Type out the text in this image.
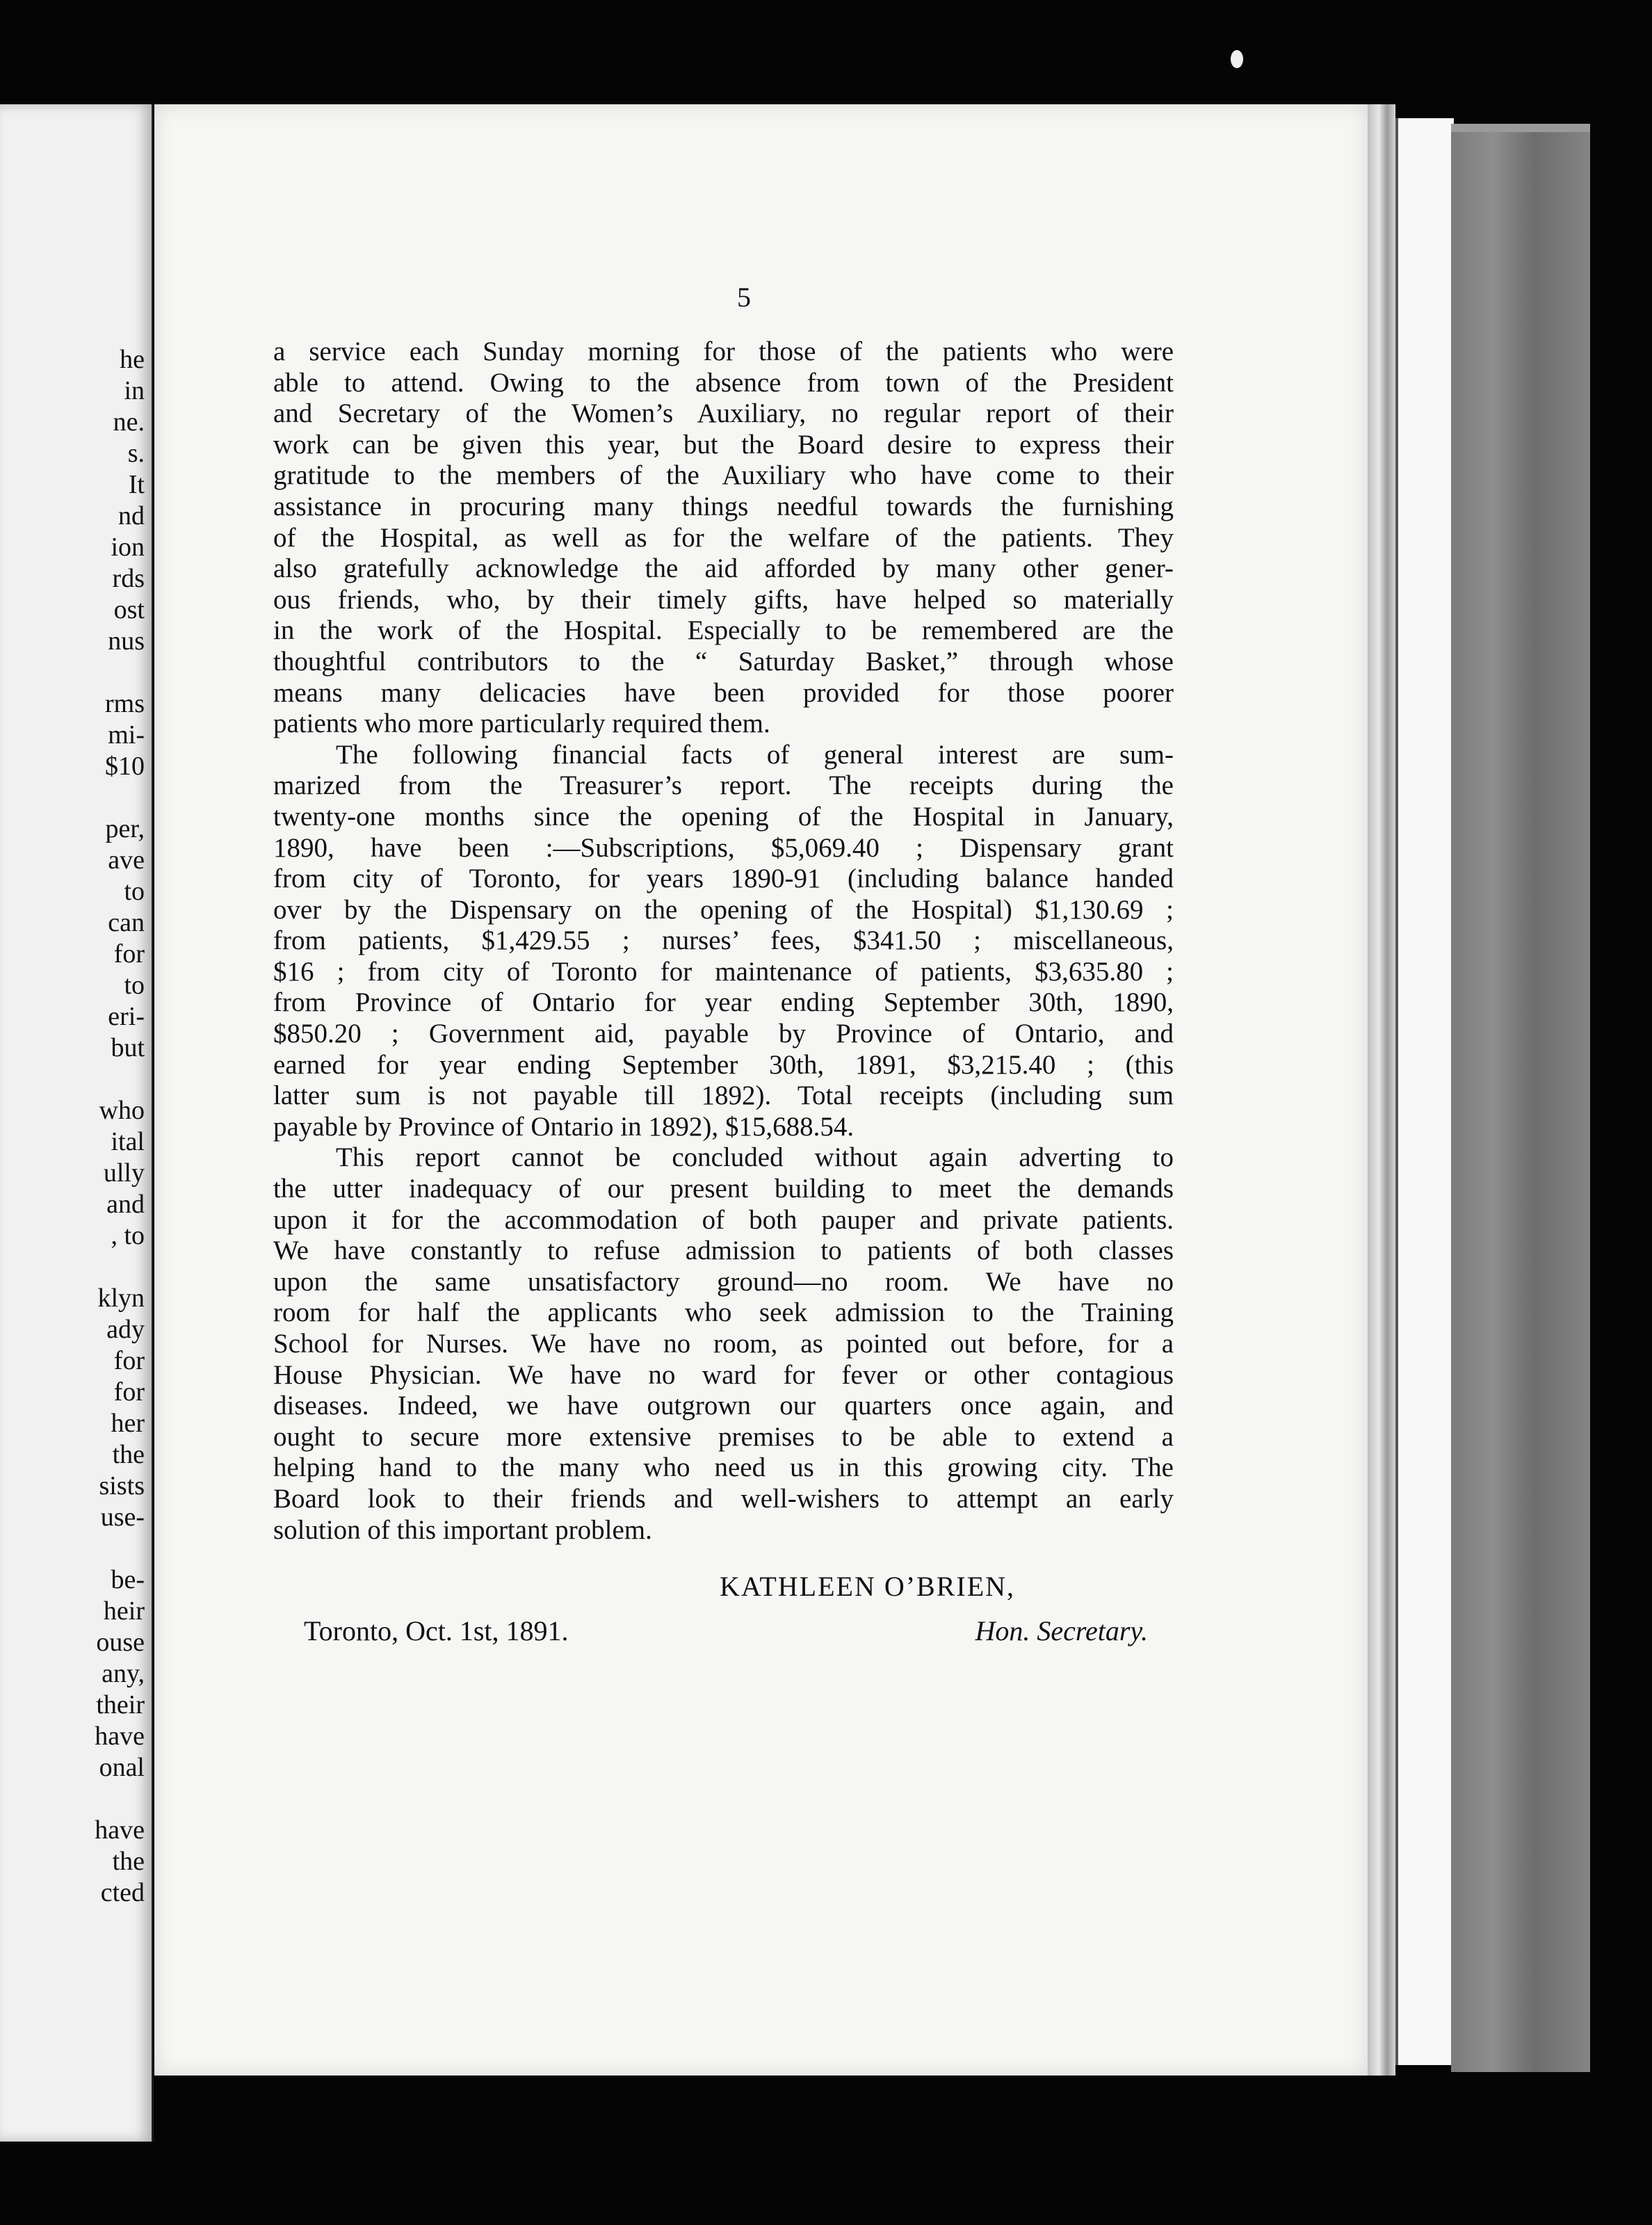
he
in
ne.
s.
It
nd
ion
rds
ost
nus

rms
mi-
$10

per,
ave
to
can
for
to
eri-
but

who
ital
ully
and
, to

klyn
ady
for
for
her
the
sists
use-

be-
heir
ouse
any,
their
have
onal

have
the
cted
5
a service each Sunday morning for those of the patients who were
able to attend. Owing to the absence from town of the President
and Secretary of the Women’s Auxiliary, no regular report of their
work can be given this year, but the Board desire to express their
gratitude to the members of the Auxiliary who have come to their
assistance in procuring many things needful towards the furnishing
of the Hospital, as well as for the welfare of the patients. They
also gratefully acknowledge the aid afforded by many other gener-
ous friends, who, by their timely gifts, have helped so materially
in the work of the Hospital. Especially to be remembered are the
thoughtful contributors to the “ Saturday Basket,” through whose
means many delicacies have been provided for those poorer
patients who more particularly required them.
The following financial facts of general interest are sum-
marized from the Treasurer’s report. The receipts during the
twenty-one months since the opening of the Hospital in January,
1890, have been :—Subscriptions, $5,069.40 ; Dispensary grant
from city of Toronto, for years 1890-91 (including balance handed
over by the Dispensary on the opening of the Hospital) $1,130.69 ;
from patients, $1,429.55 ; nurses’ fees, $341.50 ; miscellaneous,
$16 ; from city of Toronto for maintenance of patients, $3,635.80 ;
from Province of Ontario for year ending September 30th, 1890,
$850.20 ; Government aid, payable by Province of Ontario, and
earned for year ending September 30th, 1891, $3,215.40 ; (this
latter sum is not payable till 1892). Total receipts (including sum
payable by Province of Ontario in 1892), $15,688.54.
This report cannot be concluded without again adverting to
the utter inadequacy of our present building to meet the demands
upon it for the accommodation of both pauper and private patients.
We have constantly to refuse admission to patients of both classes
upon the same unsatisfactory ground—no room. We have no
room for half the applicants who seek admission to the Training
School for Nurses. We have no room, as pointed out before, for a
House Physician. We have no ward for fever or other contagious
diseases. Indeed, we have outgrown our quarters once again, and
ought to secure more extensive premises to be able to extend a
helping hand to the many who need us in this growing city. The
Board look to their friends and well-wishers to attempt an early
solution of this important problem.
KATHLEEN O’BRIEN,
Toronto, Oct. 1st, 1891.	Hon. Secretary.
